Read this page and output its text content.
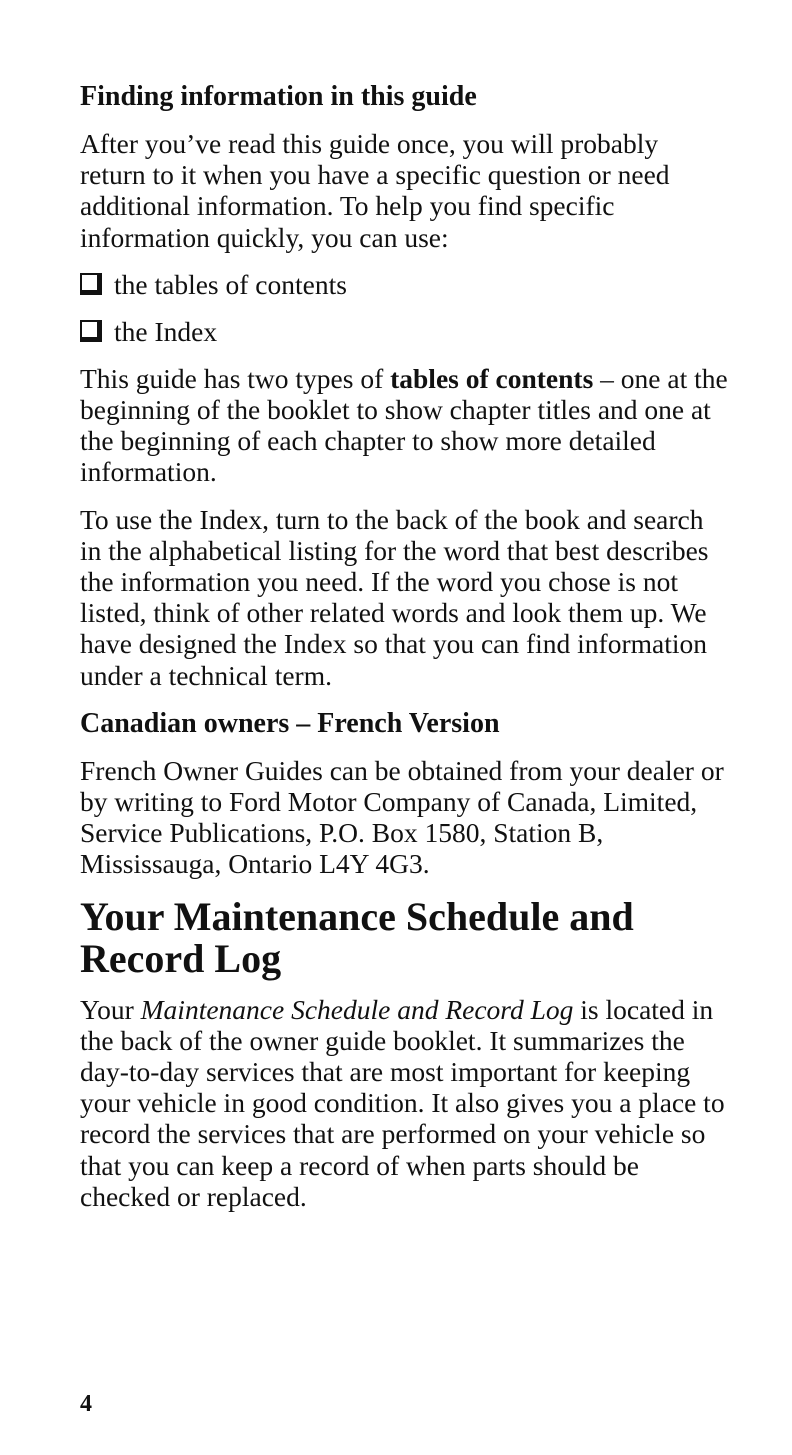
Finding information in this guide

After you’ve read this guide once, you will probably return to it when you have a specific question or need additional information. To help you find specific information quickly, you can use:

the tables of contents
the Index

This guide has two types of tables of contents – one at the beginning of the booklet to show chapter titles and one at the beginning of each chapter to show more detailed information.

To use the Index, turn to the back of the book and search in the alphabetical listing for the word that best describes the information you need. If the word you chose is not listed, think of other related words and look them up. We have designed the Index so that you can find information under a technical term.

Canadian owners – French Version

French Owner Guides can be obtained from your dealer or by writing to Ford Motor Company of Canada, Limited, Service Publications, P.O. Box 1580, Station B, Mississauga, Ontario L4Y 4G3.

Your Maintenance Schedule and Record Log

Your Maintenance Schedule and Record Log is located in the back of the owner guide booklet. It summarizes the day-to-day services that are most important for keeping your vehicle in good condition. It also gives you a place to record the services that are performed on your vehicle so that you can keep a record of when parts should be checked or replaced.

4
